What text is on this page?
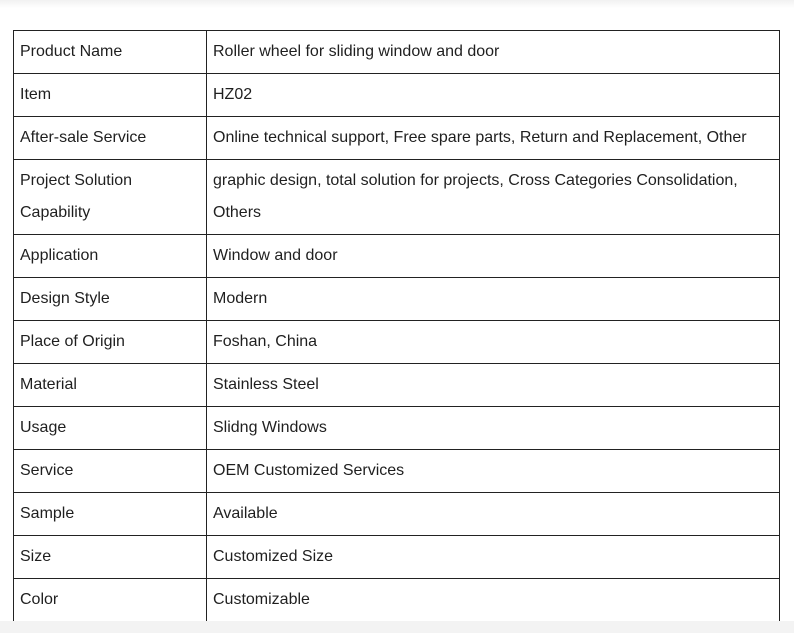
Product Name	Roller wheel for sliding window and door
Item	HZ02
After-sale Service	Online technical support, Free spare parts, Return and Replacement, Other
Project Solution Capability	graphic design, total solution for projects, Cross Categories Consolidation, Others
Application	Window and door
Design Style	Modern
Place of Origin	Foshan, China
Material	Stainless Steel
Usage	Slidng Windows
Service	OEM Customized Services
Sample	Available
Size	Customized Size
Color	Customizable
